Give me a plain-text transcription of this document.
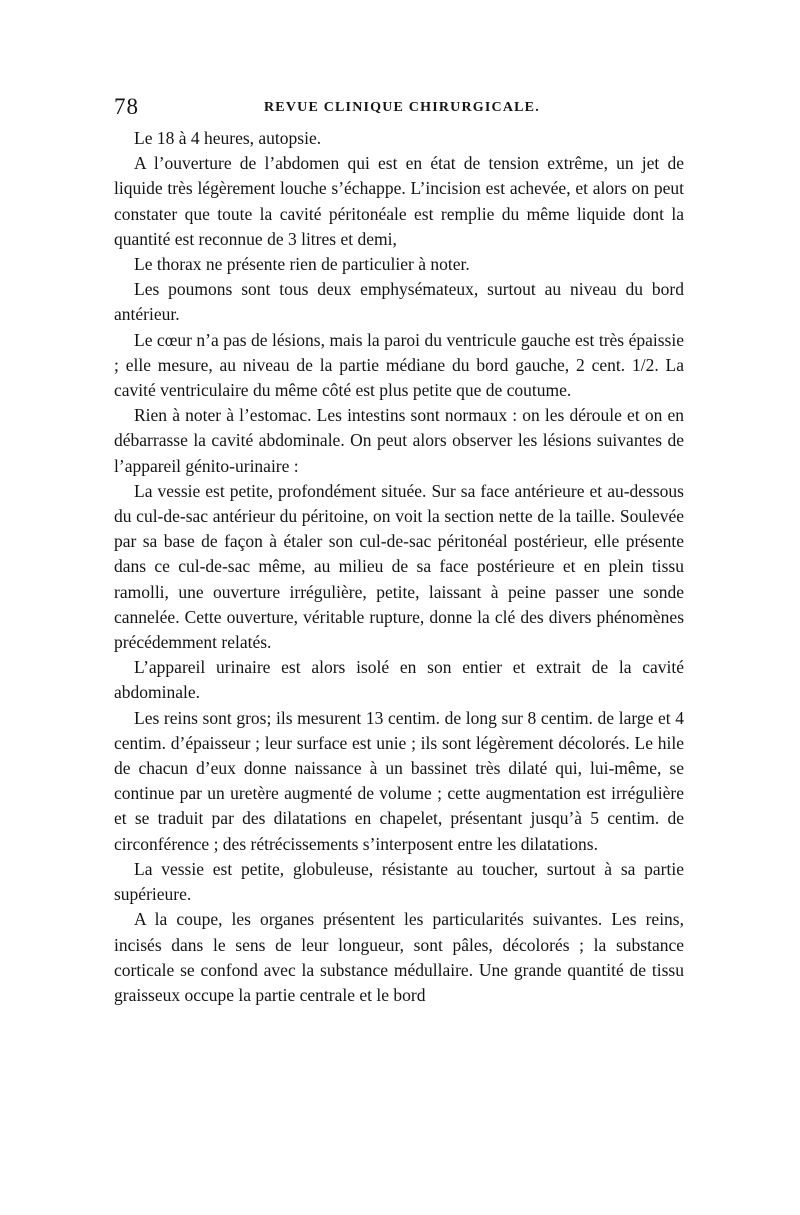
78	REVUE CLINIQUE CHIRURGICALE.

Le 18 à 4 heures, autopsie.

A l’ouverture de l’abdomen qui est en état de tension extrême, un jet de liquide très légèrement louche s’échappe. L’incision est achevée, et alors on peut constater que toute la cavité péritonéale est remplie du même liquide dont la quantité est reconnue de 3 litres et demi,

Le thorax ne présente rien de particulier à noter.

Les poumons sont tous deux emphysémateux, surtout au niveau du bord antérieur.

Le cœur n’a pas de lésions, mais la paroi du ventricule gauche est très épaissie ; elle mesure, au niveau de la partie médiane du bord gauche, 2 cent. 1/2. La cavité ventriculaire du même côté est plus petite que de coutume.

Rien à noter à l’estomac. Les intestins sont normaux : on les déroule et on en débarrasse la cavité abdominale. On peut alors observer les lésions suivantes de l’appareil génito-urinaire :

La vessie est petite, profondément située. Sur sa face antérieure et au-dessous du cul-de-sac antérieur du péritoine, on voit la section nette de la taille. Soulevée par sa base de façon à étaler son cul-de-sac péritonéal postérieur, elle présente dans ce cul-de-sac même, au milieu de sa face postérieure et en plein tissu ramolli, une ouverture irrégulière, petite, laissant à peine passer une sonde cannelée. Cette ouverture, véritable rupture, donne la clé des divers phénomènes précédemment relatés.

L’appareil urinaire est alors isolé en son entier et extrait de la cavité abdominale.

Les reins sont gros; ils mesurent 13 centim. de long sur 8 centim. de large et 4 centim. d’épaisseur ; leur surface est unie ; ils sont légèrement décolorés. Le hile de chacun d’eux donne naissance à un bassinet très dilaté qui, lui-même, se continue par un uretère augmenté de volume ; cette augmentation est irrégulière et se traduit par des dilatations en chapelet, présentant jusqu’à 5 centim. de circonférence ; des rétrécissements s’interposent entre les dilatations.

La vessie est petite, globuleuse, résistante au toucher, surtout à sa partie supérieure.

A la coupe, les organes présentent les particularités suivantes. Les reins, incisés dans le sens de leur longueur, sont pâles, décolorés ; la substance corticale se confond avec la substance médullaire. Une grande quantité de tissu graisseux occupe la partie centrale et le bord
